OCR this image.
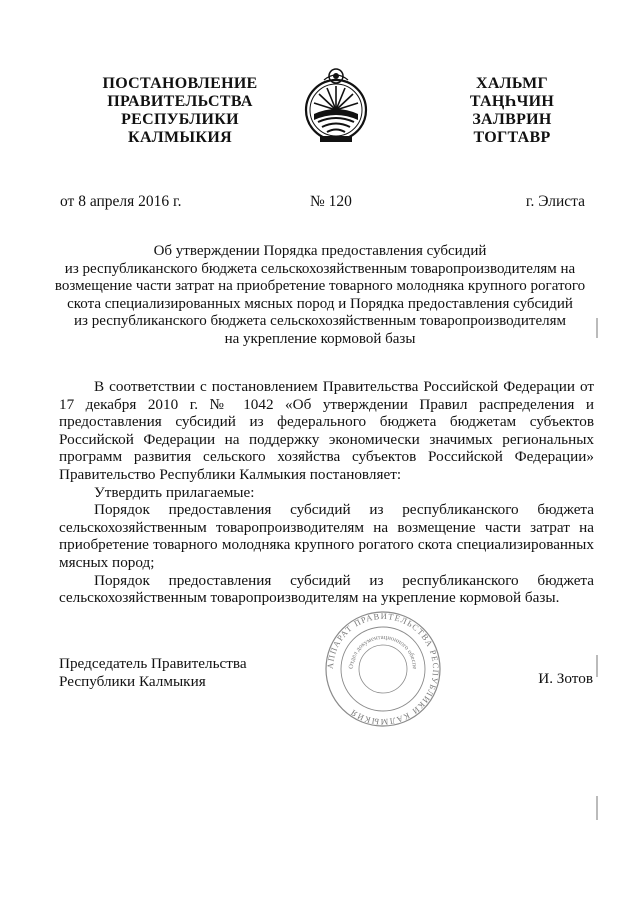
ПОСТАНОВЛЕНИЕ
ПРАВИТЕЛЬСТВА
РЕСПУБЛИКИ
КАЛМЫКИЯ
ХАЛЬМГ
ТАҢҺЧИН
ЗАЛВРИН
ТОГТАВР
от 8 апреля 2016 г.	№ 120	г. Элиста
Об утверждении Порядка предоставления субсидий
из республиканского бюджета сельскохозяйственным товаропроизводителям на
возмещение части затрат на приобретение товарного молодняка крупного рогатого
скота специализированных мясных пород и Порядка предоставления субсидий
из республиканского бюджета сельскохозяйственным товаропроизводителям
на укрепление кормовой базы

В соответствии с постановлением Правительства Российской Федерации от 17 декабря 2010 г. № 1042 «Об утверждении Правил распределения и предоставления субсидий из федерального бюджета бюджетам субъектов Российской Федерации на поддержку экономически значимых региональных программ развития сельского хозяйства субъектов Российской Федерации» Правительство Республики Калмыкия постановляет:

Утвердить прилагаемые:

Порядок предоставления субсидий из республиканского бюджета сельскохозяйственным товаропроизводителям на возмещение части затрат на приобретение товарного молодняка крупного рогатого скота специализированных мясных пород;

Порядок предоставления субсидий из республиканского бюджета сельскохозяйственным товаропроизводителям на укрепление кормовой базы.

АППАРАТ ПРАВИТЕЛЬСТВА РЕСПУБЛИКИ КАЛМЫКИЯ
Отдел документационного обеспе
Председатель Правительства
Республики Калмыкия	И. Зотов
